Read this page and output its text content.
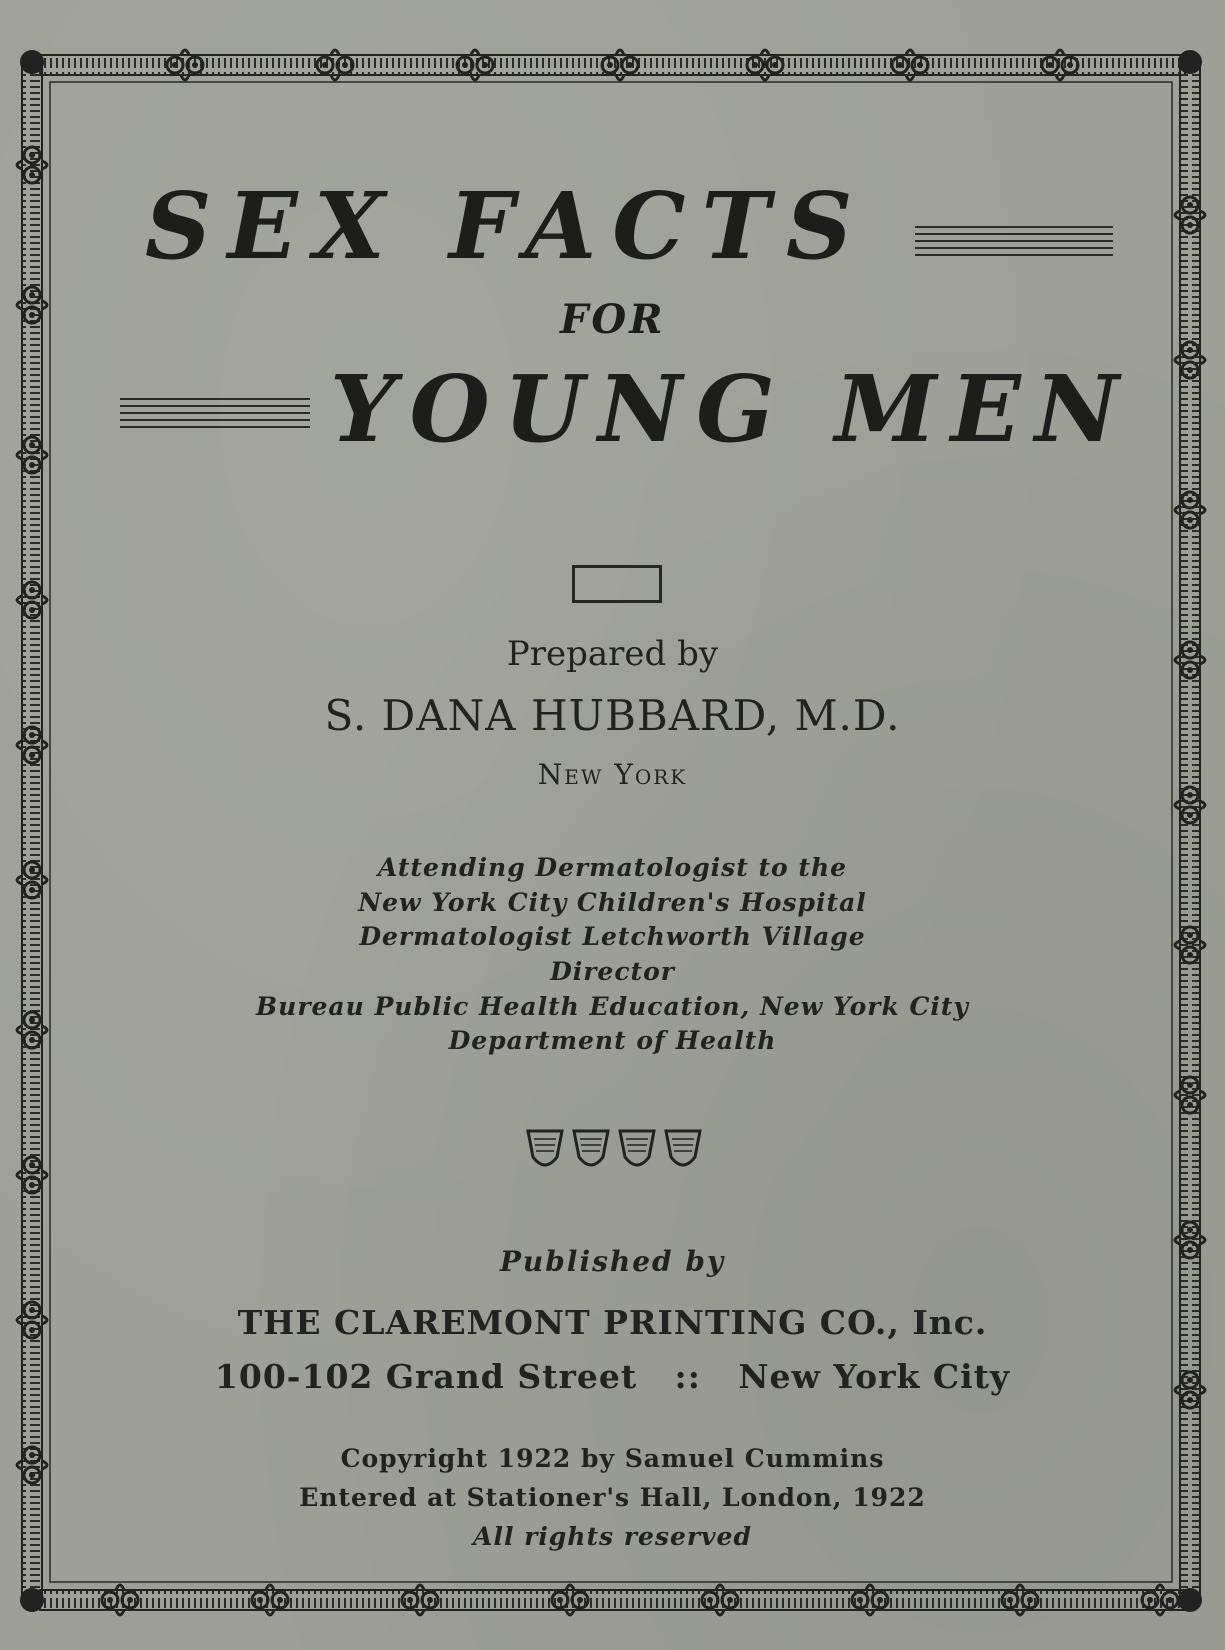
SEX FACTS
FOR
YOUNG MEN
Prepared by
S. DANA HUBBARD, M.D.
New York
Attending Dermatologist to the
New York City Children's Hospital
Dermatologist Letchworth Village
Director
Bureau Public Health Education, New York City
Department of Health
Published by
THE CLAREMONT PRINTING CO., Inc.
100-102 Grand Street   ::   New York City
Copyright 1922 by Samuel Cummins
Entered at Stationer's Hall, London, 1922
All rights reserved
